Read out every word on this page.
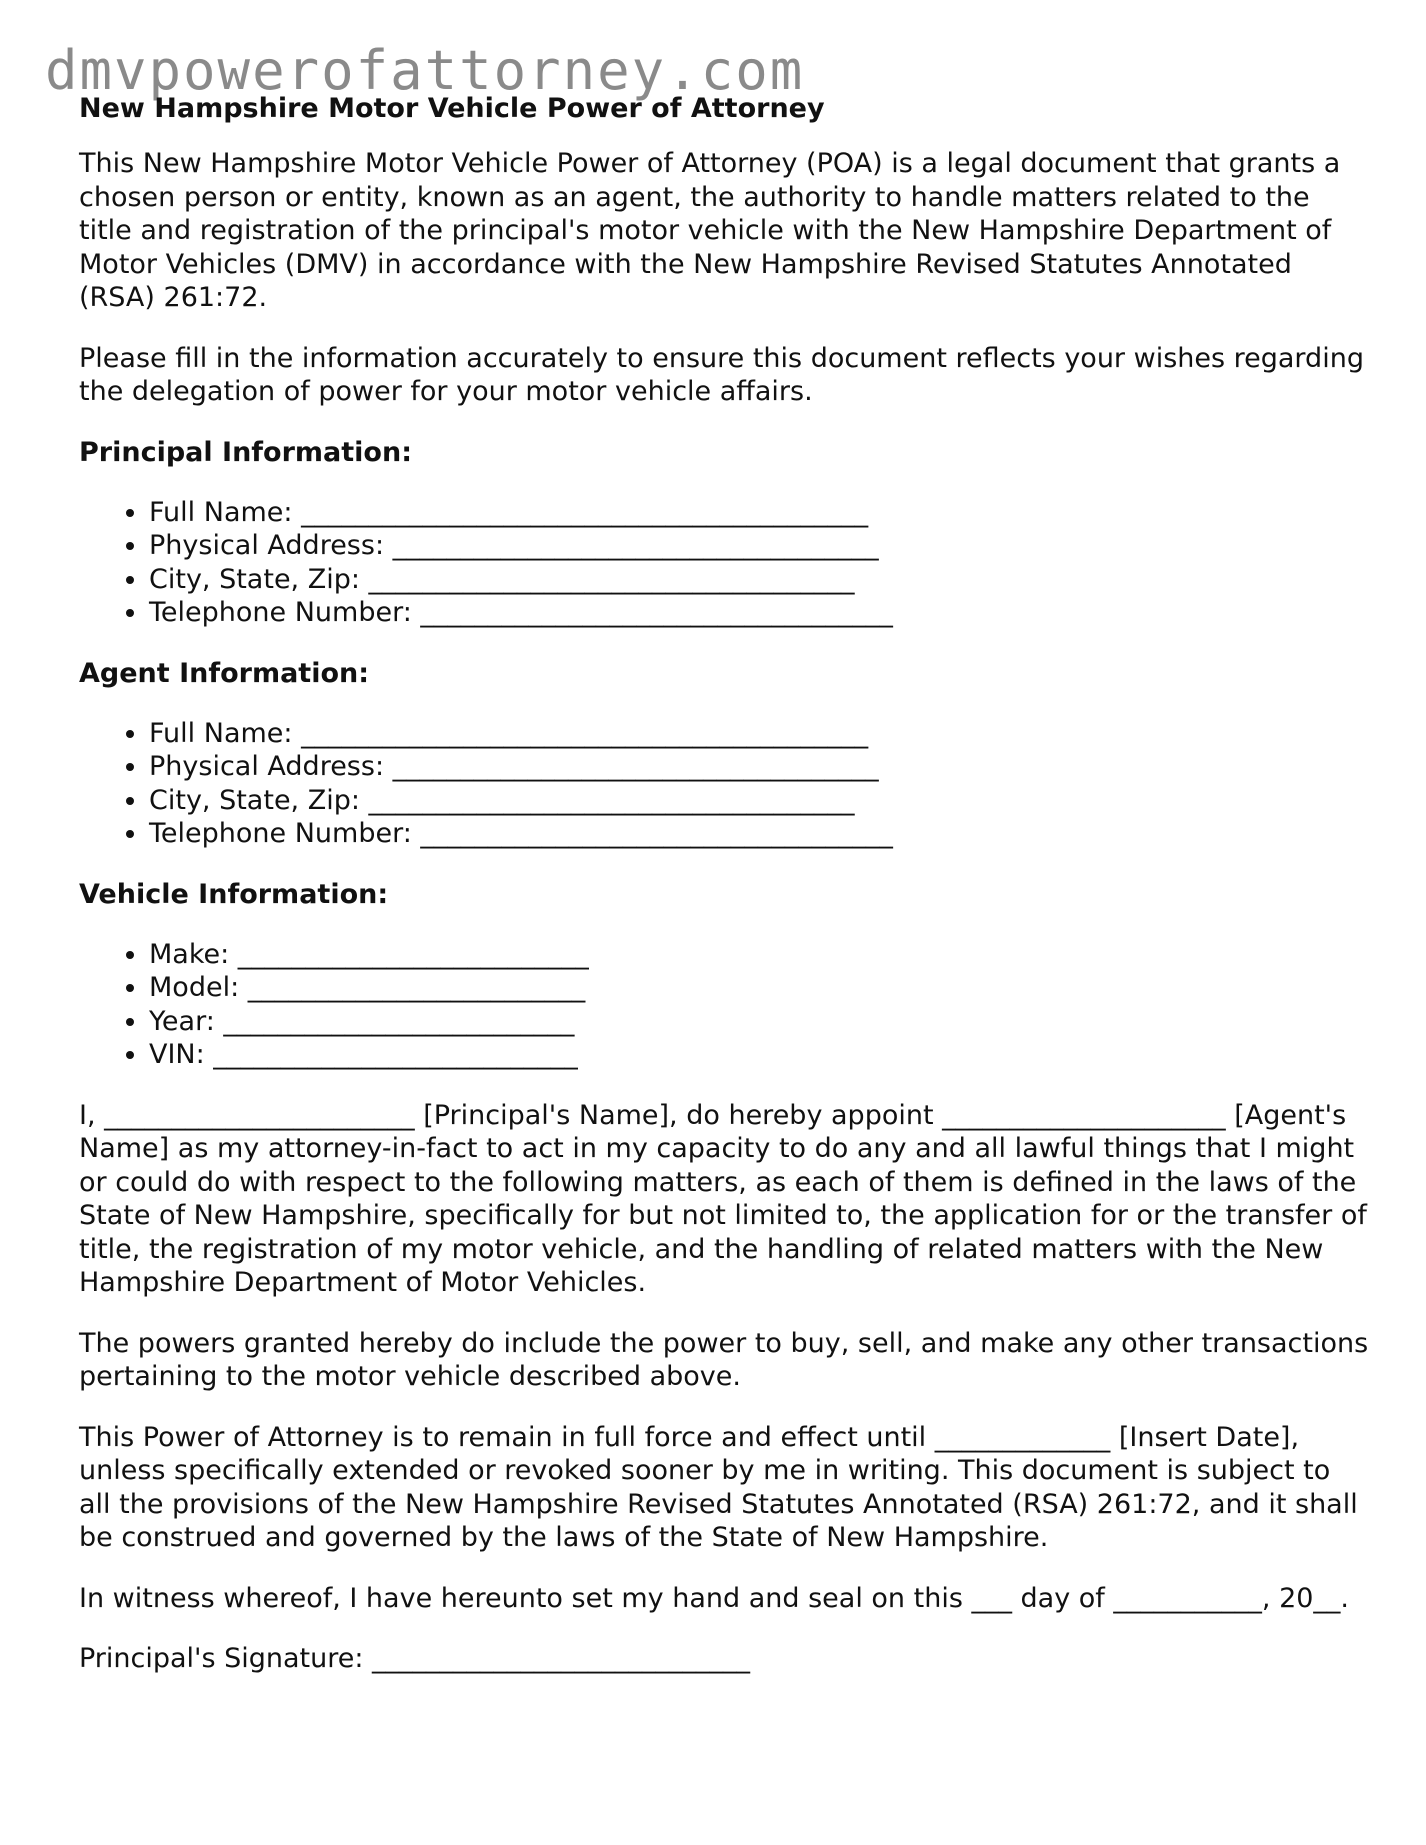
dmvpowerofattorney.com
New Hampshire Motor Vehicle Power of Attorney

This New Hampshire Motor Vehicle Power of Attorney (POA) is a legal document that grants a chosen person or entity, known as an agent, the authority to handle matters related to the title and registration of the principal's motor vehicle with the New Hampshire Department of Motor Vehicles (DMV) in accordance with the New Hampshire Revised Statutes Annotated (RSA) 261:72.

Please fill in the information accurately to ensure this document reflects your wishes regarding the delegation of power for your motor vehicle affairs.

Principal Information:
• Full Name: __________________________________________
• Physical Address: ____________________________________
• City, State, Zip: ____________________________________
• Telephone Number: ___________________________________
Agent Information:
• Full Name: __________________________________________
• Physical Address: ____________________________________
• City, State, Zip: ____________________________________
• Telephone Number: ___________________________________
Vehicle Information:
• Make: __________________________
• Model: _________________________
• Year: __________________________
• VIN: ___________________________

I, _______________________ [Principal's Name], do hereby appoint _____________________ [Agent's Name] as my attorney-in-fact to act in my capacity to do any and all lawful things that I might or could do with respect to the following matters, as each of them is defined in the laws of the State of New Hampshire, specifically for but not limited to, the application for or the transfer of title, the registration of my motor vehicle, and the handling of related matters with the New Hampshire Department of Motor Vehicles.

The powers granted hereby do include the power to buy, sell, and make any other transactions pertaining to the motor vehicle described above.

This Power of Attorney is to remain in full force and effect until _____________ [Insert Date], unless specifically extended or revoked sooner by me in writing. This document is subject to all the provisions of the New Hampshire Revised Statutes Annotated (RSA) 261:72, and it shall be construed and governed by the laws of the State of New Hampshire.

In witness whereof, I have hereunto set my hand and seal on this ___ day of ___________, 20__.

Principal's Signature: ____________________________
